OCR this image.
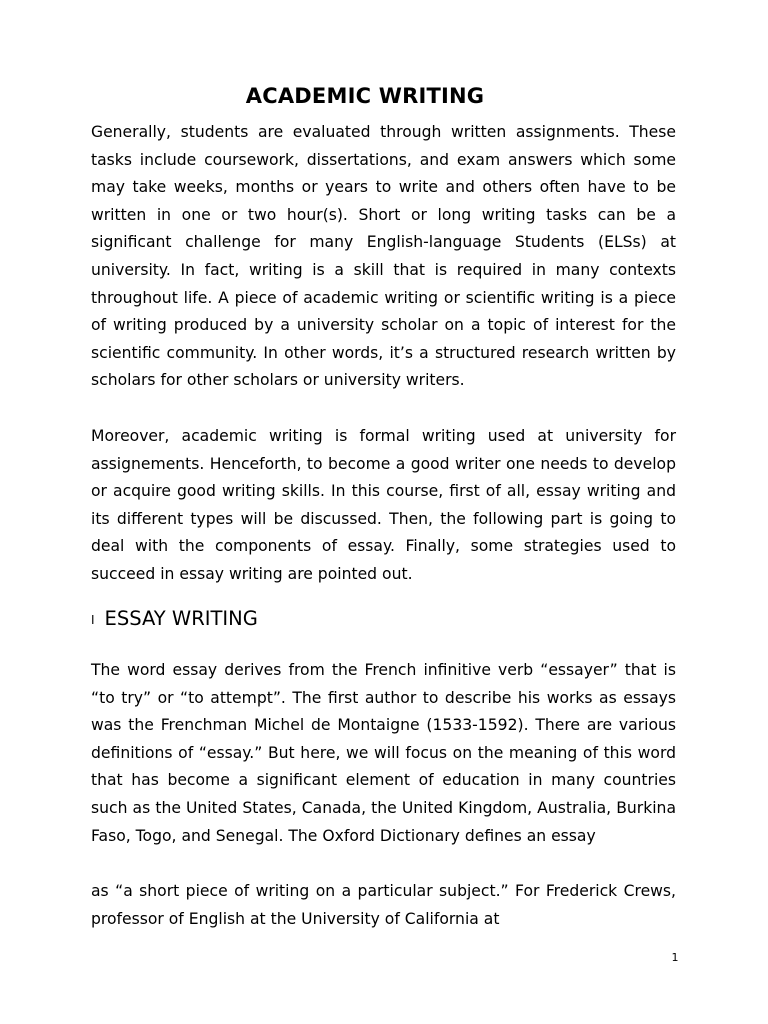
ACADEMIC WRITING

Generally, students are evaluated through written assignments. These tasks include coursework, dissertations, and exam answers which some may take weeks, months or years to write and others often have to be written in one or two hour(s). Short or long writing tasks can be a significant challenge for many English-language Students (ELSs) at university. In fact, writing is a skill that is required in many contexts throughout life. A piece of academic writing or scientific writing is a piece of writing produced by a university scholar on a topic of interest for the scientific community. In other words, it’s a structured research written by scholars for other scholars or university writers.

Moreover, academic writing is formal writing used at university for assignements. Henceforth, to become a good writer one needs to develop or acquire good writing skills. In this course, first of all, essay writing and its different types will be discussed. Then, the following part is going to deal with the components of essay. Finally, some strategies used to succeed in essay writing are pointed out.

I ESSAY WRITING

The word essay derives from the French infinitive verb “essayer” that is “to try” or “to attempt”. The first author to describe his works as essays was the Frenchman Michel de Montaigne (1533-1592). There are various definitions of “essay.” But here, we will focus on the meaning of this word that has become a significant element of education in many countries such as the United States, Canada, the United Kingdom, Australia, Burkina Faso, Togo, and Senegal. The Oxford Dictionary defines an essay

as “a short piece of writing on a particular subject.” For Frederick Crews, professor of English at the University of California at

1
